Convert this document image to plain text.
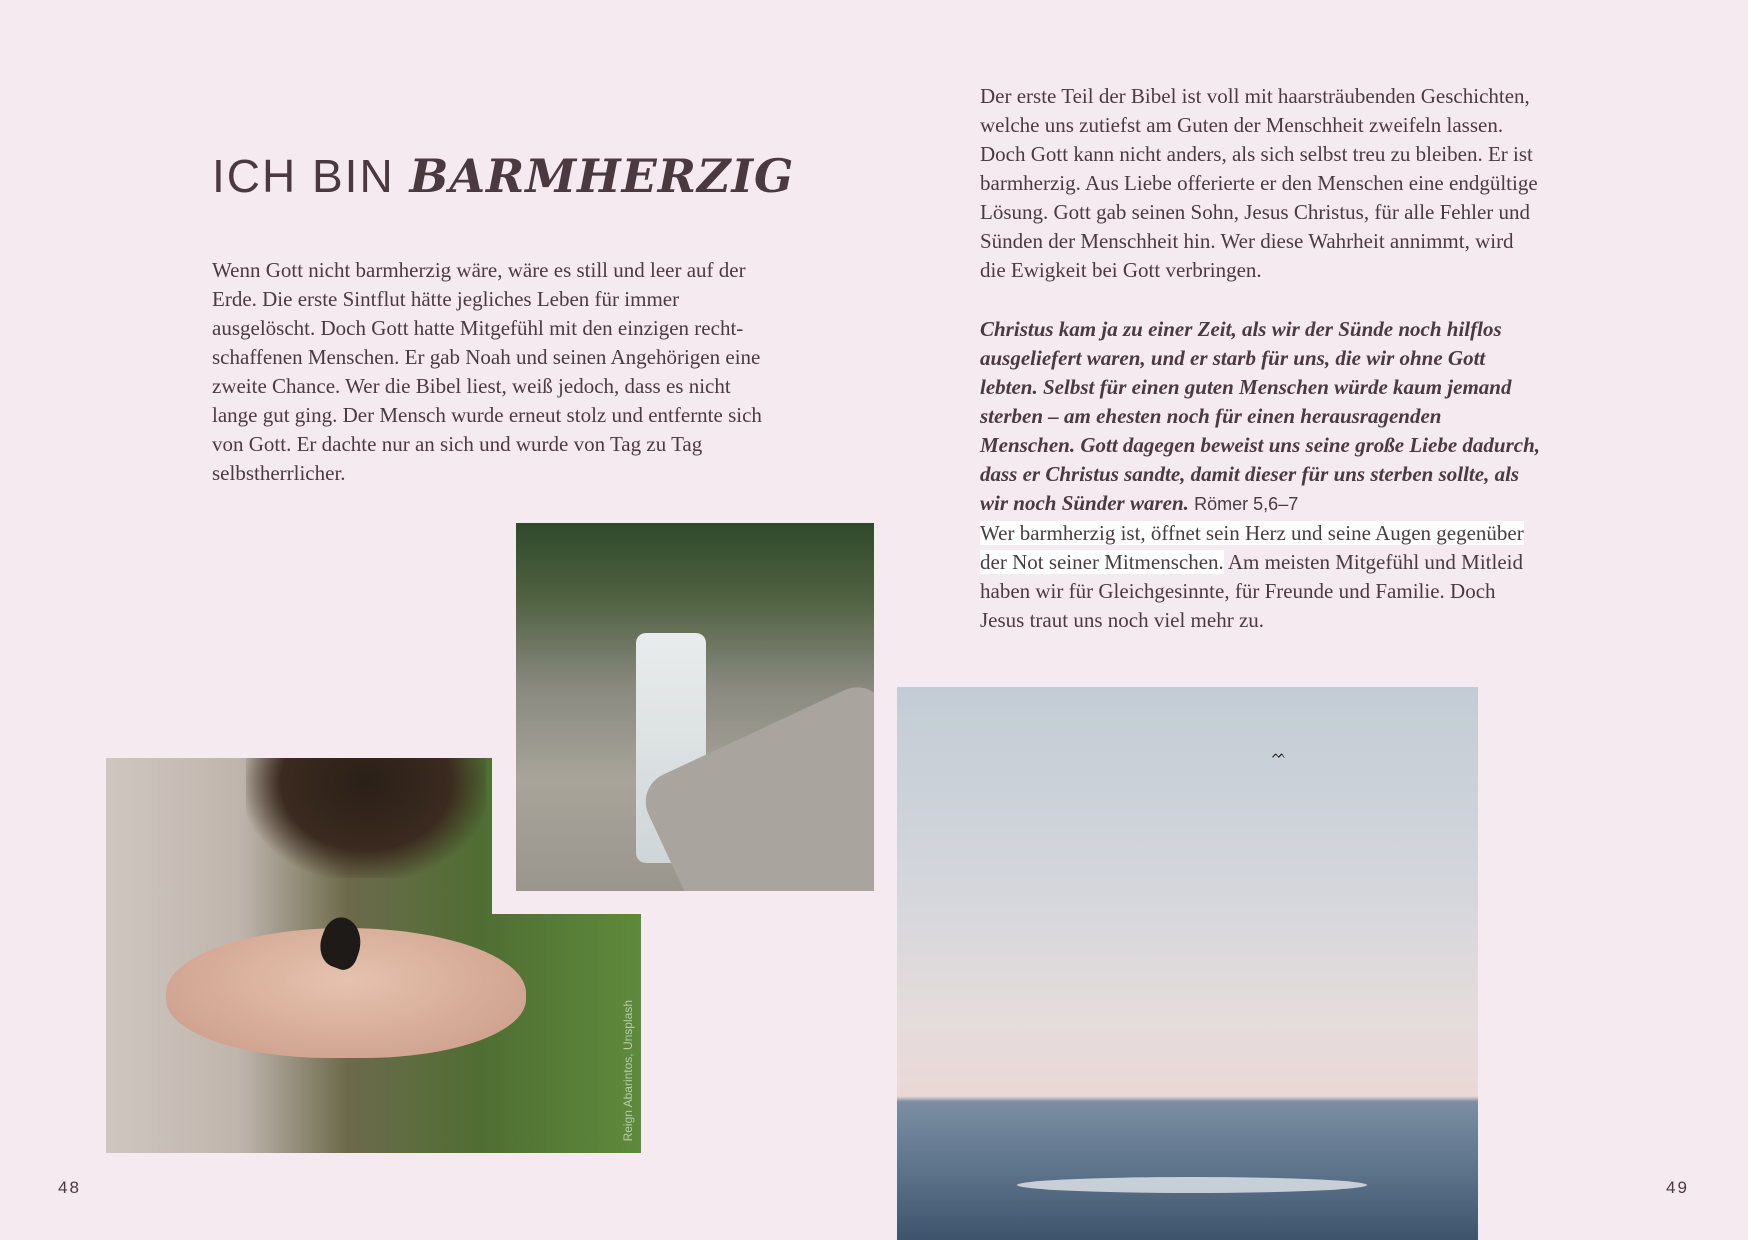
ICH BIN BARMHERZIG

Wenn Gott nicht barmherzig wäre, wäre es still und leer auf der Erde. Die erste Sintflut hätte jegliches Leben für immer ausgelöscht. Doch Gott hatte Mitgefühl mit den einzigen rechtschaffenen Menschen. Er gab Noah und seinen Angehörigen eine zweite Chance. Wer die Bibel liest, weiß jedoch, dass es nicht lange gut ging. Der Mensch wurde erneut stolz und entfernte sich von Gott. Er dachte nur an sich und wurde von Tag zu Tag selbstherrlicher.

Der erste Teil der Bibel ist voll mit haarsträubenden Geschichten, welche uns zutiefst am Guten der Menschheit zweifeln lassen. Doch Gott kann nicht anders, als sich selbst treu zu bleiben. Er ist barmherzig. Aus Liebe offerierte er den Menschen eine endgültige Lösung. Gott gab seinen Sohn, Jesus Christus, für alle Fehler und Sünden der Menschheit hin. Wer diese Wahrheit annimmt, wird die Ewigkeit bei Gott verbringen.

Christus kam ja zu einer Zeit, als wir der Sünde noch hilflos ausgeliefert waren, und er starb für uns, die wir ohne Gott lebten. Selbst für einen guten Menschen würde kaum jemand sterben – am ehesten noch für einen herausragenden Menschen. Gott dagegen beweist uns seine große Liebe dadurch, dass er Christus sandte, damit dieser für uns sterben sollte, als wir noch Sünder waren. Römer 5,6–7

Wer barmherzig ist, öffnet sein Herz und seine Augen gegenüber der Not seiner Mitmenschen. Am meisten Mitgefühl und Mitleid haben wir für Gleichgesinnte, für Freunde und Familie. Doch Jesus traut uns noch viel mehr zu.

Reign Abarintos, Unsplash
ᨓ
48	49
